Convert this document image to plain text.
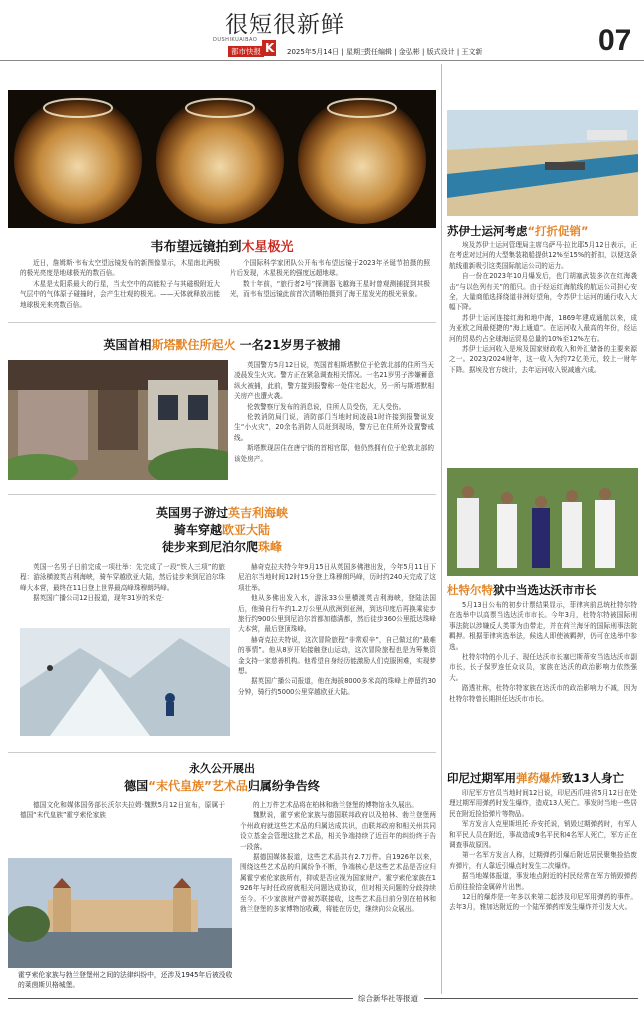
很短很新鲜
DUSHIKUAIBAO
都市快报 K 2025年5月14日 | 星期三
责任编辑 | 金弘彬 | 版式设计 | 王文新	07
韦布望远镜拍到木星极光

近日，詹姆斯·韦布太空望远镜发布的新图像显示，木星南北两极的极光亮度是地球极光的数百倍。

木星是太阳系最大的行星，当太空中的高能粒子与其磁极附近大气层中的气体原子碰撞时，会产生壮观的极光。——天体就释放出能地球极光来亮数百倍。

个国际科学家团队公开布韦布望远镜于2023年圣诞节拍摄的照片后发现，木星极光的强度远超地球。

数十年前，“旅行者2号”探测器飞越海王星时曾观测捕捉到其极光，而韦布望远镜此前首次清晰拍摄到了海王星发光的极光景象。

英国首相斯塔默住所起火 一名21岁男子被捕

英国警方5月12日说，英国首相斯塔默位于伦敦北部的住所当天凌晨发生火灾。警方正在紧急调查相关情况。一名21岁男子涉嫌蓄意纵火被捕，此前，警方接到报警称一处住宅起火，另一所与斯塔默相关房产也遭火袭。

伦敦警察厅发布的消息说，住所人员受伤，无人受伤。

伦敦消防局门说，消防部门当地时间凌晨1时许接到报警说发生“小火灾”，20余名消防人员赶到现场，警方已在住所外设置警戒线。

斯塔默现居住在唐宁街的首相官邸，他仍然拥有位于伦敦北部的该处房产。

英国男子游过英吉利海峡
骑车穿越欧亚大陆
徒步来到尼泊尔爬珠峰

英国一名男子日前完成一项壮举：先完成了一段“铁人三项”的旅程：游泳横渡英吉利海峡，骑车穿越欧亚大陆，然后徒步来到尼泊尔珠峰大本营，最终在11日登上世界最高峰珠穆朗玛峰。

据英国广播公司12日报道，现年31岁的米克·

赫奇克拉夫特今年9月15日从英国多佛港出发，今年5月11日下尼泊尔当地时间12时15分登上珠穆朗玛峰，历时约240天完成了这项壮举。

他从多佛出发入水，游泳33公里横渡英吉利海峡，登陆法国后，他骑自行车约1.2万公里从欧洲到亚洲，到达印度后再换乘徒步旅行约900公里到尼泊尔首都加德满都，然后徒步360公里抵达珠峰大本营，最后登顶珠峰。

赫奇克拉夫特说，这次冒险旅程“非常艰辛”，自己做过的“最难的事情”。他从8岁开始接触登山运动，这次冒险旅程也是为筹集资金支持一家慈善机构。他希望自身经历能激励人们克服困难，实现梦想。

据英国广播公司报道，他在海拔8000多米高的珠峰上停留约30分钟，骑行约5000公里穿越欧亚大陆。

永久公开展出
德国“末代皇族”艺术品归属纷争告终

德国文化和媒体国务部长沃尔夫拉姆·魏默5月12日宣布，原属于德国“末代皇族”霍亨索伦家族

霍亨索伦家族与勃兰登堡州之间的法律纠纷中，还涉及1945年后被没收的莱茵斯贝格城堡。

的上万件艺术品将在柏林和勃兰登堡的博物馆永久展出。

魏默说，霍亨索伦家族与德国联邦政府以及柏林、勃兰登堡两个州政府就这些艺术品的归属达成共识，由联邦政府和相关州共同设立基金会管理这批艺术品，相关争端持续了近百年的纠纷终于告一段落。

据德国媒体报道，这些艺术品共有2.7万件。自1926年以来，围绕这些艺术品的归属纷争不断，争端核心是这些艺术品是否应归属霍亨索伦家族所有，抑或是否应视为国家财产。霍亨索伦家族在1926年与时任政府就相关问题达成协议，但对相关问题的分歧持续至今。不少家族财产曾被苏联接收，这些艺术品目前分别在柏林和勃兰登堡的多家博物馆收藏，将能在历史，继续向公众展出。

苏伊士运河考虑“打折促销”

埃及苏伊士运河管理局主席乌萨马·拉比耶5月12日表示，正在考虑对过河的大型集装箱船提供12%至15%的折扣，以便这条航线重新吸引这类国际航运公司的运力。

自一份在2023年10月爆发后，也门胡塞武装多次在红海袭击“与以色列有关”的船只。由于经运红海航线的航运公司担心安全，大量商船选择绕道非洲好望角，令苏伊士运河的通行收入大幅下降。

苏伊士运河连接红海和地中海，1869年建成通航以来，成为亚欧之间最便捷的“海上通道”。在运河收入最高的年份，经运河的贸易约占全球海运贸易总量的10%至12%左右。

苏伊士运河收入是埃及国家财政收入和外汇储备的主要来源之一。2023/2024财年，这一收入为约72亿美元，较上一财年下降。据埃及官方统计，去年运河收入锐减逾六成。

杜特尔特狱中当选达沃市市长

5月13日公布的初步计票结果显示，菲律宾前总统杜特尔特在选举中以高票当选达沃市市长。今年3月，杜特尔特被国际刑事法院以涉嫌反人类罪为由带走，并在荷兰海牙的国际刑事法院羁押。根据菲律宾选举法，候选人即使被羁押，仍可在选举中参选。

杜特尔特的小儿子、现任达沃市长塞巴斯蒂安当选达沃市副市长，长子保罗连任众议员，家族在达沃的政治影响力依然强大。

路透社称，杜特尔特家族在达沃市的政治影响力不减，因为杜特尔特曾长期担任达沃市市长。

印尼过期军用弹药爆炸致13人身亡

印尼军方官员当地时间12日说，印尼西爪哇省5月12日在处理过期军用弹药时发生爆炸，造成13人死亡。事发时当地一些居民在附近捡拾弹片等物品。

军方发言人克里斯坦托·乔安托说，销毁过期弹药时，有军人和平民人员在附近，事故造成9名平民和4名军人死亡，军方正在调查事故原因。

第一名军方发言人称，过期弹药引爆后附近居民聚集捡拾废弃弹片，有人靠近引爆点时发生二次爆炸。

据当地媒体报道，事发地点附近的村民经常在军方销毁弹药后前往捡拾金属碎片出售。

12日的爆炸是一年多以来第二起涉及印尼军用弹药的事件。去年3月，雅加达附近的一个陆军弹药库发生爆炸并引发大火。

综合新华社等报道
